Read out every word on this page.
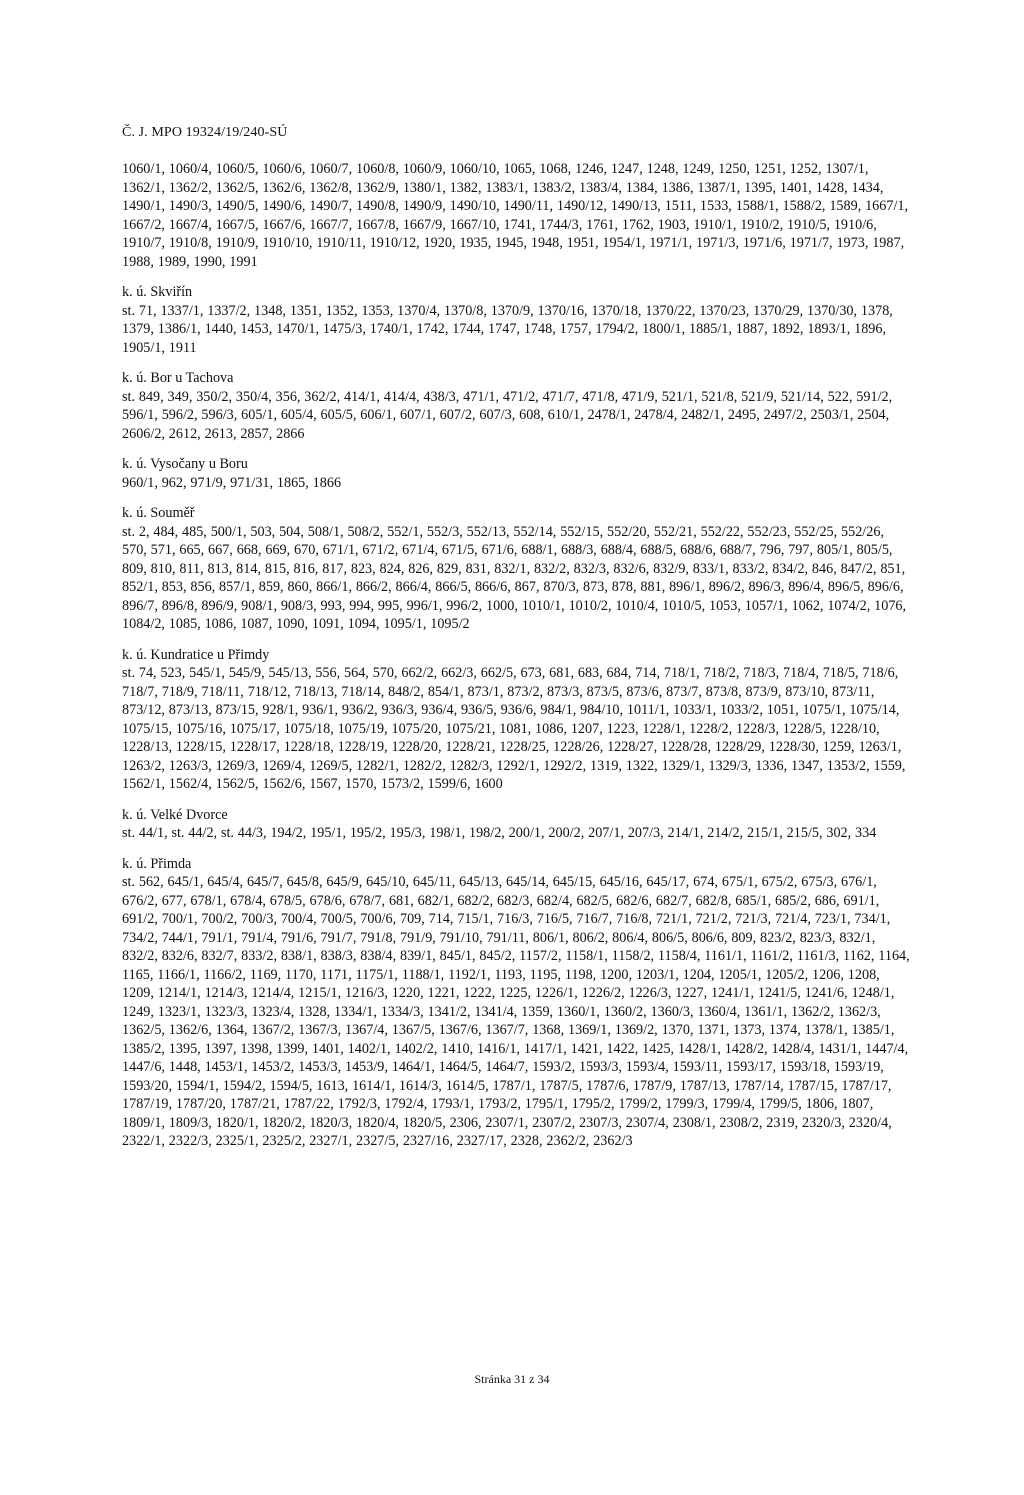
Č. J. MPO 19324/19/240-SÚ

1060/1, 1060/4, 1060/5, 1060/6, 1060/7, 1060/8, 1060/9, 1060/10, 1065, 1068, 1246, 1247, 1248, 1249, 1250, 1251, 1252, 1307/1, 1362/1, 1362/2, 1362/5, 1362/6, 1362/8, 1362/9, 1380/1, 1382, 1383/1, 1383/2, 1383/4, 1384, 1386, 1387/1, 1395, 1401, 1428, 1434, 1490/1, 1490/3, 1490/5, 1490/6, 1490/7, 1490/8, 1490/9, 1490/10, 1490/11, 1490/12, 1490/13, 1511, 1533, 1588/1, 1588/2, 1589, 1667/1, 1667/2, 1667/4, 1667/5, 1667/6, 1667/7, 1667/8, 1667/9, 1667/10, 1741, 1744/3, 1761, 1762, 1903, 1910/1, 1910/2, 1910/5, 1910/6, 1910/7, 1910/8, 1910/9, 1910/10, 1910/11, 1910/12, 1920, 1935, 1945, 1948, 1951, 1954/1, 1971/1, 1971/3, 1971/6, 1971/7, 1973, 1987, 1988, 1989, 1990, 1991

k. ú. Skviřín

st. 71, 1337/1, 1337/2, 1348, 1351, 1352, 1353, 1370/4, 1370/8, 1370/9, 1370/16, 1370/18, 1370/22, 1370/23, 1370/29, 1370/30, 1378, 1379, 1386/1, 1440, 1453, 1470/1, 1475/3, 1740/1, 1742, 1744, 1747, 1748, 1757, 1794/2, 1800/1, 1885/1, 1887, 1892, 1893/1, 1896, 1905/1, 1911

k. ú. Bor u Tachova

st. 849, 349, 350/2, 350/4, 356, 362/2, 414/1, 414/4, 438/3, 471/1, 471/2, 471/7, 471/8, 471/9, 521/1, 521/8, 521/9, 521/14, 522, 591/2, 596/1, 596/2, 596/3, 605/1, 605/4, 605/5, 606/1, 607/1, 607/2, 607/3, 608, 610/1, 2478/1, 2478/4, 2482/1, 2495, 2497/2, 2503/1, 2504, 2606/2, 2612, 2613, 2857, 2866

k. ú. Vysočany u Boru

960/1, 962, 971/9, 971/31, 1865, 1866

k. ú. Souměř

st. 2, 484, 485, 500/1, 503, 504, 508/1, 508/2, 552/1, 552/3, 552/13, 552/14, 552/15, 552/20, 552/21, 552/22, 552/23, 552/25, 552/26, 570, 571, 665, 667, 668, 669, 670, 671/1, 671/2, 671/4, 671/5, 671/6, 688/1, 688/3, 688/4, 688/5, 688/6, 688/7, 796, 797, 805/1, 805/5, 809, 810, 811, 813, 814, 815, 816, 817, 823, 824, 826, 829, 831, 832/1, 832/2, 832/3, 832/6, 832/9, 833/1, 833/2, 834/2, 846, 847/2, 851, 852/1, 853, 856, 857/1, 859, 860, 866/1, 866/2, 866/4, 866/5, 866/6, 867, 870/3, 873, 878, 881, 896/1, 896/2, 896/3, 896/4, 896/5, 896/6, 896/7, 896/8, 896/9, 908/1, 908/3, 993, 994, 995, 996/1, 996/2, 1000, 1010/1, 1010/2, 1010/4, 1010/5, 1053, 1057/1, 1062, 1074/2, 1076, 1084/2, 1085, 1086, 1087, 1090, 1091, 1094, 1095/1, 1095/2

k. ú. Kundratice u Přimdy

st. 74, 523, 545/1, 545/9, 545/13, 556, 564, 570, 662/2, 662/3, 662/5, 673, 681, 683, 684, 714, 718/1, 718/2, 718/3, 718/4, 718/5, 718/6, 718/7, 718/9, 718/11, 718/12, 718/13, 718/14, 848/2, 854/1, 873/1, 873/2, 873/3, 873/5, 873/6, 873/7, 873/8, 873/9, 873/10, 873/11, 873/12, 873/13, 873/15, 928/1, 936/1, 936/2, 936/3, 936/4, 936/5, 936/6, 984/1, 984/10, 1011/1, 1033/1, 1033/2, 1051, 1075/1, 1075/14, 1075/15, 1075/16, 1075/17, 1075/18, 1075/19, 1075/20, 1075/21, 1081, 1086, 1207, 1223, 1228/1, 1228/2, 1228/3, 1228/5, 1228/10, 1228/13, 1228/15, 1228/17, 1228/18, 1228/19, 1228/20, 1228/21, 1228/25, 1228/26, 1228/27, 1228/28, 1228/29, 1228/30, 1259, 1263/1, 1263/2, 1263/3, 1269/3, 1269/4, 1269/5, 1282/1, 1282/2, 1282/3, 1292/1, 1292/2, 1319, 1322, 1329/1, 1329/3, 1336, 1347, 1353/2, 1559, 1562/1, 1562/4, 1562/5, 1562/6, 1567, 1570, 1573/2, 1599/6, 1600

k. ú. Velké Dvorce

st. 44/1, st. 44/2, st. 44/3, 194/2, 195/1, 195/2, 195/3, 198/1, 198/2, 200/1, 200/2, 207/1, 207/3, 214/1, 214/2, 215/1, 215/5, 302, 334

k. ú. Přimda

st. 562, 645/1, 645/4, 645/7, 645/8, 645/9, 645/10, 645/11, 645/13, 645/14, 645/15, 645/16, 645/17, 674, 675/1, 675/2, 675/3, 676/1, 676/2, 677, 678/1, 678/4, 678/5, 678/6, 678/7, 681, 682/1, 682/2, 682/3, 682/4, 682/5, 682/6, 682/7, 682/8, 685/1, 685/2, 686, 691/1, 691/2, 700/1, 700/2, 700/3, 700/4, 700/5, 700/6, 709, 714, 715/1, 716/3, 716/5, 716/7, 716/8, 721/1, 721/2, 721/3, 721/4, 723/1, 734/1, 734/2, 744/1, 791/1, 791/4, 791/6, 791/7, 791/8, 791/9, 791/10, 791/11, 806/1, 806/2, 806/4, 806/5, 806/6, 809, 823/2, 823/3, 832/1, 832/2, 832/6, 832/7, 833/2, 838/1, 838/3, 838/4, 839/1, 845/1, 845/2, 1157/2, 1158/1, 1158/2, 1158/4, 1161/1, 1161/2, 1161/3, 1162, 1164, 1165, 1166/1, 1166/2, 1169, 1170, 1171, 1175/1, 1188/1, 1192/1, 1193, 1195, 1198, 1200, 1203/1, 1204, 1205/1, 1205/2, 1206, 1208, 1209, 1214/1, 1214/3, 1214/4, 1215/1, 1216/3, 1220, 1221, 1222, 1225, 1226/1, 1226/2, 1226/3, 1227, 1241/1, 1241/5, 1241/6, 1248/1, 1249, 1323/1, 1323/3, 1323/4, 1328, 1334/1, 1334/3, 1341/2, 1341/4, 1359, 1360/1, 1360/2, 1360/3, 1360/4, 1361/1, 1362/2, 1362/3, 1362/5, 1362/6, 1364, 1367/2, 1367/3, 1367/4, 1367/5, 1367/6, 1367/7, 1368, 1369/1, 1369/2, 1370, 1371, 1373, 1374, 1378/1, 1385/1, 1385/2, 1395, 1397, 1398, 1399, 1401, 1402/1, 1402/2, 1410, 1416/1, 1417/1, 1421, 1422, 1425, 1428/1, 1428/2, 1428/4, 1431/1, 1447/4, 1447/6, 1448, 1453/1, 1453/2, 1453/3, 1453/9, 1464/1, 1464/5, 1464/7, 1593/2, 1593/3, 1593/4, 1593/11, 1593/17, 1593/18, 1593/19, 1593/20, 1594/1, 1594/2, 1594/5, 1613, 1614/1, 1614/3, 1614/5, 1787/1, 1787/5, 1787/6, 1787/9, 1787/13, 1787/14, 1787/15, 1787/17, 1787/19, 1787/20, 1787/21, 1787/22, 1792/3, 1792/4, 1793/1, 1793/2, 1795/1, 1795/2, 1799/2, 1799/3, 1799/4, 1799/5, 1806, 1807, 1809/1, 1809/3, 1820/1, 1820/2, 1820/3, 1820/4, 1820/5, 2306, 2307/1, 2307/2, 2307/3, 2307/4, 2308/1, 2308/2, 2319, 2320/3, 2320/4, 2322/1, 2322/3, 2325/1, 2325/2, 2327/1, 2327/5, 2327/16, 2327/17, 2328, 2362/2, 2362/3

Stránka 31 z 34
